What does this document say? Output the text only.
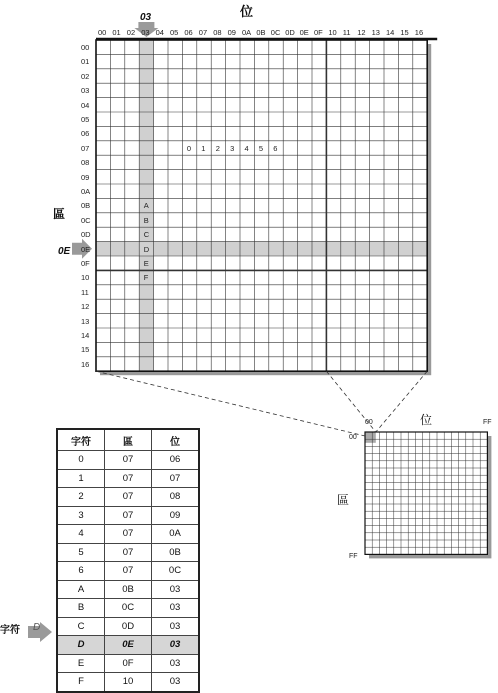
位
區
03
0E
00 01 02 03 04 05 06 07 08 09 0A 0B 0C 0D 0E 0F 10 11 12 13 14 15 16
00
01
02
03
04
05
06
07
08
09
0A
0B
0C
0D
0E
0F
10
11
12
13
14
15
16
0 1 2 3 4 5 6
A
B
C
D
E
F
位
區
00	FF
00
FF
字符	區	位
0	07	06
1	07	07
2	07	08
3	07	09
4	07	0A
5	07	0B
6	07	0C
A	0B	03
B	0C	03
C	0D	03
D	0E	03
E	0F	03
F	10	03
字符 D
